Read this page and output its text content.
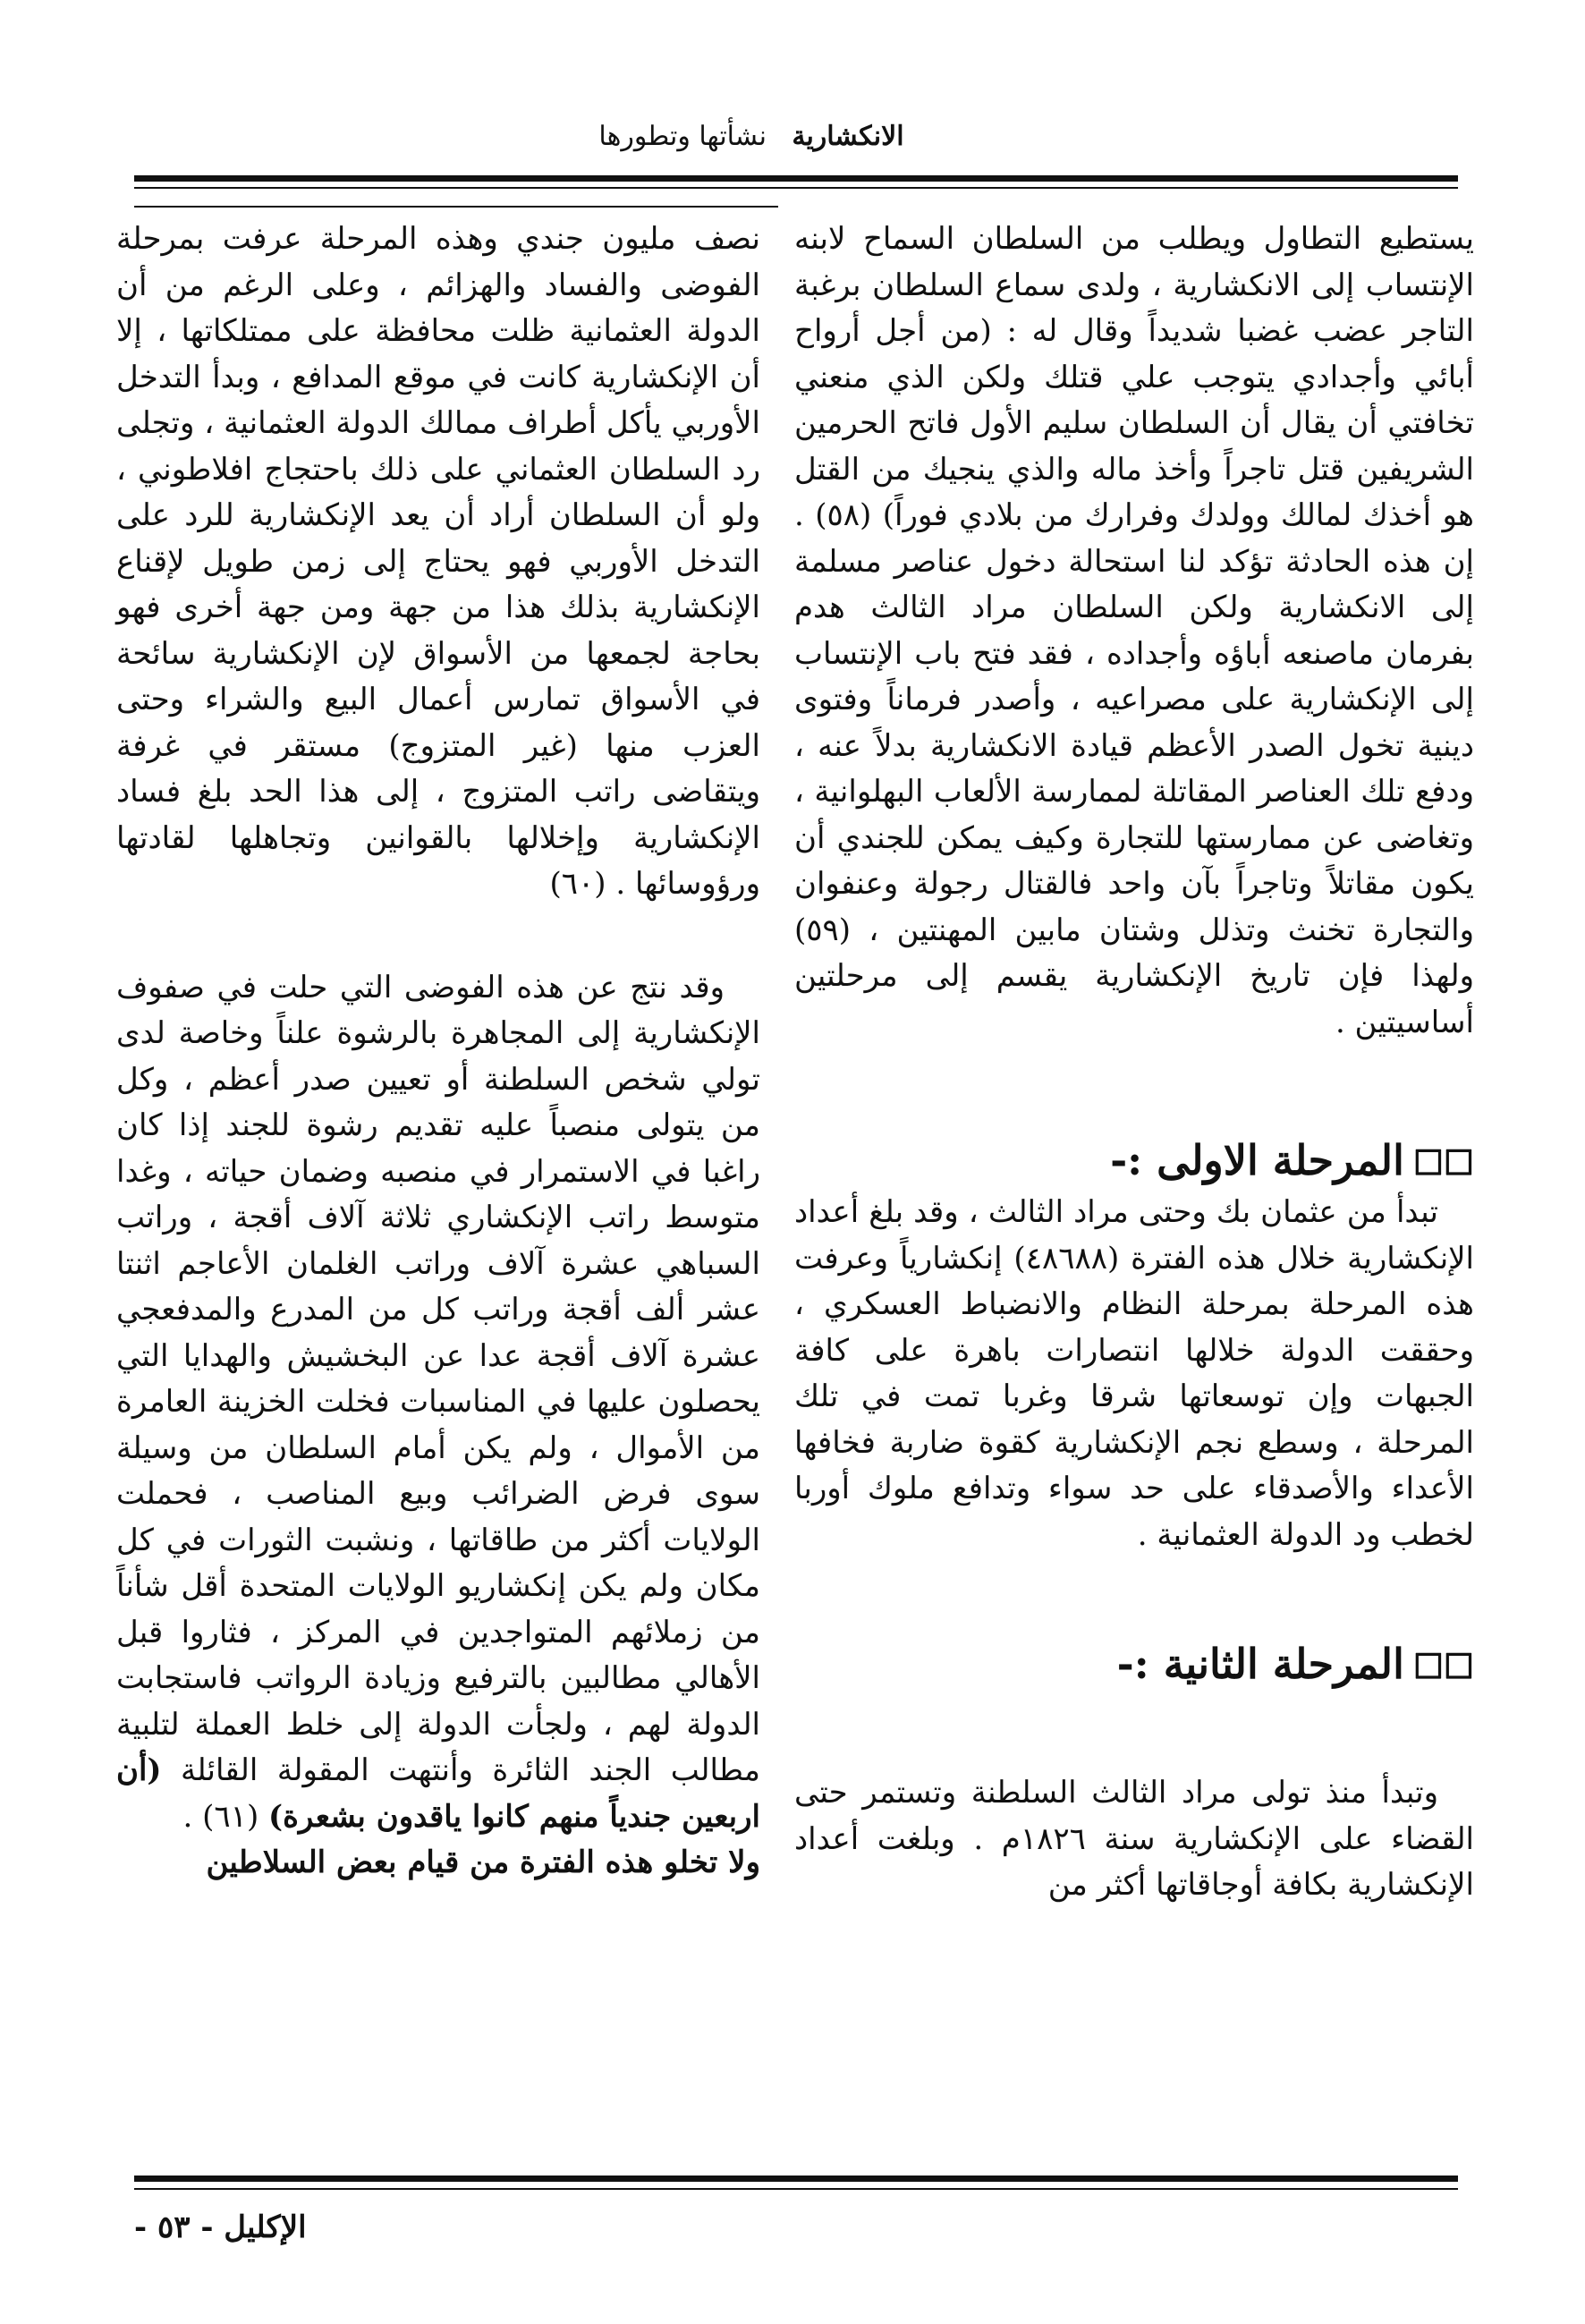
الانكشارية نشأتها وتطورها

يستطيع التطاول ويطلب من السلطان السماح لابنه الإنتساب إلى الانكشارية ، ولدى سماع السلطان برغبة التاجر عضب غضبا شديداً وقال له : (من أجل أرواح أبائي وأجدادي يتوجب علي قتلك ولكن الذي منعني تخافتي أن يقال أن السلطان سليم الأول فاتح الحرمين الشريفين قتل تاجراً وأخذ ماله والذي ينجيك من القتل هو أخذك لمالك وولدك وفرارك من بلادي فوراً) (٥٨) . إن هذه الحادثة تؤكد لنا استحالة دخول عناصر مسلمة إلى الانكشارية ولكن السلطان مراد الثالث هدم بفرمان ماصنعه أباؤه وأجداده ، فقد فتح باب الإنتساب إلى الإنكشارية على مصراعيه ، وأصدر فرماناً وفتوى دينية تخول الصدر الأعظم قيادة الانكشارية بدلاً عنه ، ودفع تلك العناصر المقاتلة لممارسة الألعاب البهلوانية ، وتغاضى عن ممارستها للتجارة وكيف يمكن للجندي أن يكون مقاتلاً وتاجراً بآن واحد فالقتال رجولة وعنفوان والتجارة تخنث وتذلل وشتان مابين المهنتين ، (٥٩) ولهذا فإن تاريخ الإنكشارية يقسم إلى مرحلتين أساسيتين .

☐☐المرحلة الاولى :-

تبدأ من عثمان بك وحتى مراد الثالث ، وقد بلغ أعداد الإنكشارية خلال هذه الفترة (٤٨٦٨٨) إنكشارياً وعرفت هذه المرحلة بمرحلة النظام والانضباط العسكري ، وحققت الدولة خلالها انتصارات باهرة على كافة الجبهات وإن توسعاتها شرقا وغربا تمت في تلك المرحلة ، وسطع نجم الإنكشارية كقوة ضاربة فخافها الأعداء والأصدقاء على حد سواء وتدافع ملوك أوربا لخطب ود الدولة العثمانية .

☐☐المرحلة الثانية :-

وتبدأ منذ تولى مراد الثالث السلطنة وتستمر حتى القضاء على الإنكشارية سنة ١٨٢٦م . وبلغت أعداد الإنكشارية بكافة أوجاقاتها أكثر من

نصف مليون جندي وهذه المرحلة عرفت بمرحلة الفوضى والفساد والهزائم ، وعلى الرغم من أن الدولة العثمانية ظلت محافظة على ممتلكاتها ، إلا أن الإنكشارية كانت في موقع المدافع ، وبدأ التدخل الأوربي يأكل أطراف ممالك الدولة العثمانية ، وتجلى رد السلطان العثماني على ذلك باحتجاج افلاطوني ، ولو أن السلطان أراد أن يعد الإنكشارية للرد على التدخل الأوربي فهو يحتاج إلى زمن طويل لإقناع الإنكشارية بذلك هذا من جهة ومن جهة أخرى فهو بحاجة لجمعها من الأسواق لإن الإنكشارية سائحة في الأسواق تمارس أعمال البيع والشراء وحتى العزب منها (غير المتزوج) مستقر في غرفة ويتقاضى راتب المتزوج ، إلى هذا الحد بلغ فساد الإنكشارية وإخلالها بالقوانين وتجاهلها لقادتها ورؤوسائها . (٦٠)

وقد نتج عن هذه الفوضى التي حلت في صفوف الإنكشارية إلى المجاهرة بالرشوة علناً وخاصة لدى تولي شخص السلطنة أو تعيين صدر أعظم ، وكل من يتولى منصباً عليه تقديم رشوة للجند إذا كان راغبا في الاستمرار في منصبه وضمان حياته ، وغدا متوسط راتب الإنكشاري ثلاثة آلاف أقجة ، وراتب السباهي عشرة آلاف وراتب الغلمان الأعاجم اثنتا عشر ألف أقجة وراتب كل من المدرع والمدفعجي عشرة آلاف أقجة عدا عن البخشيش والهدايا التي يحصلون عليها في المناسبات فخلت الخزينة العامرة من الأموال ، ولم يكن أمام السلطان من وسيلة سوى فرض الضرائب وبيع المناصب ، فحملت الولايات أكثر من طاقاتها ، ونشبت الثورات في كل مكان ولم يكن إنكشاريو الولايات المتحدة أقل شأناً من زملائهم المتواجدين في المركز ، فثاروا قبل الأهالي مطالبين بالترفيع وزيادة الرواتب فاستجابت الدولة لهم ، ولجأت الدولة إلى خلط العملة لتلبية مطالب الجند الثائرة وأنتهت المقولة القائلة (أن اربعين جندياً منهم كانوا ياقدون بشعرة) (٦١) .

ولا تخلو هذه الفترة من قيام بعض السلاطين

الإكليل - ٥٣ -
